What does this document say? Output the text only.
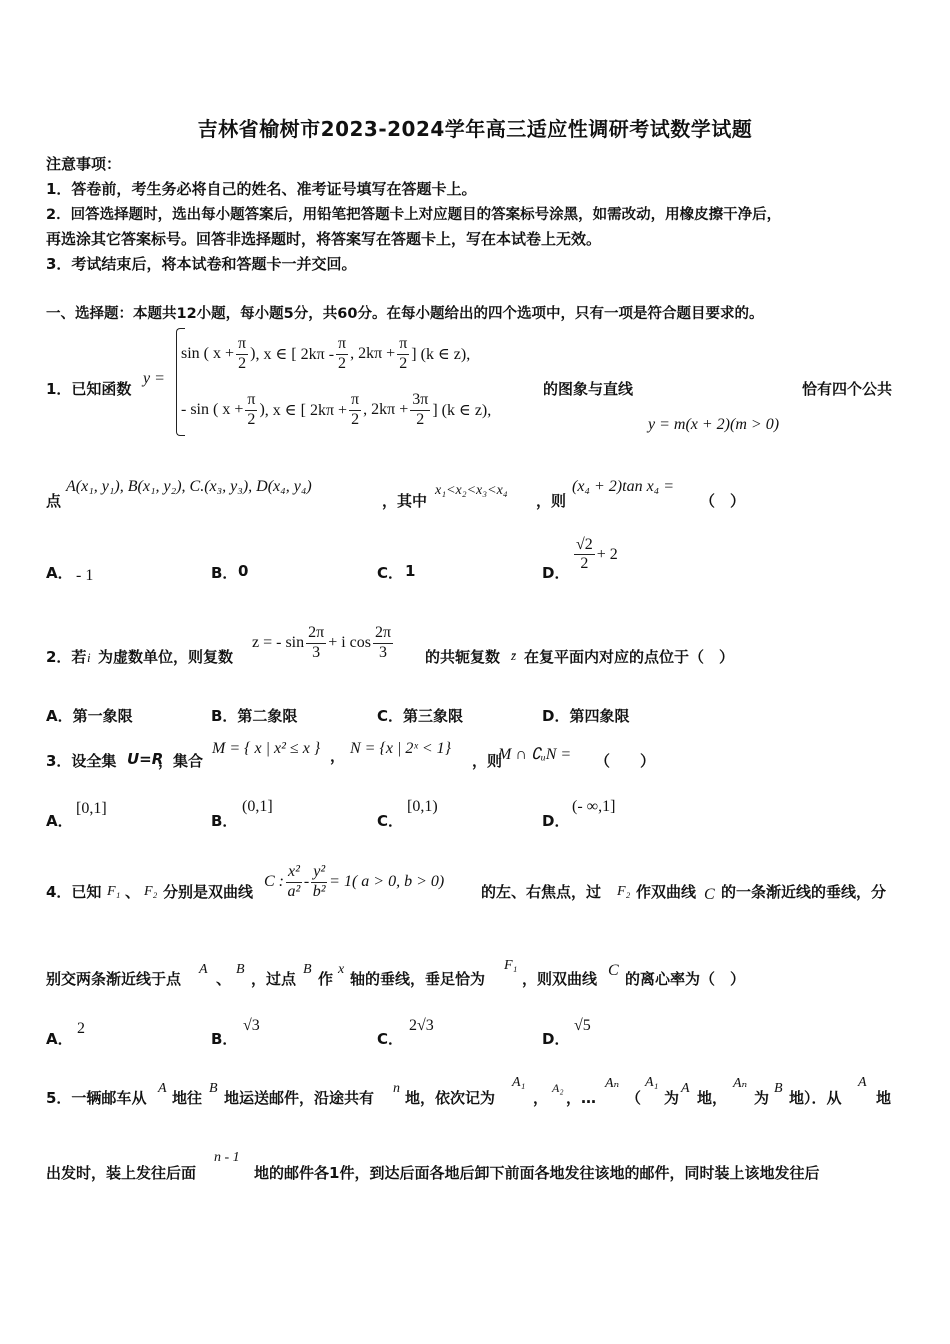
吉林省榆树市2023-2024学年高三适应性调研考试数学试题
注意事项：
1．答卷前，考生务必将自己的姓名、准考证号填写在答题卡上。
2．回答选择题时，选出每小题答案后，用铅笔把答题卡上对应题目的答案标号涂黑，如需改动，用橡皮擦干净后，
再选涂其它答案标号。回答非选择题时，将答案写在答题卡上，写在本试卷上无效。
3．考试结束后，将本试卷和答题卡一并交回。
一、选择题：本题共12小题，每小题5分，共60分。在每小题给出的四个选项中，只有一项是符合题目要求的。
1．已知函数
y =
sin ( $x + \frac{\pi}{2}$ ) , x ∈ [ $2k\pi - \frac{\pi}{2}$ , $2k\pi + \frac{\pi}{2}$ ] (k ∈ z),
- sin ( $x + \frac{\pi}{2}$ ) , x ∈ [ $2k\pi + \frac{\pi}{2}$ , $2k\pi + \frac{3\pi}{2}$ ] (k ∈ z),
的图象与直线	恰有四个公共
y = m(x + 2)(m > 0)
点
A(x₁, y₁), B(x₁, y₂), C.(x₃, y₃), D(x₄, y₄)
，其中
x₁<x₂<x₃<x₄
，则
(x₄ + 2)tan x₄ =
（　）
A． - 1	B． 0	C． 1	D． $\frac{√2}{2} + 2$
2．若 i 为虚数单位，则复数
z = - $\sin \frac{2\pi}{3} + i$ $\cos \frac{2\pi}{3}$ 的共轭复数 z̄ 在复平面内对应的点位于（　）
A．第一象限	B．第二象限	C．第三象限	D．第四象限
3．设全集 U=R
，集合
M = { x | x² ≤ x } ， N = {x | 2ˣ < 1}
，则
M ∩ ∁ᵤN = （　　）
A．
[0,1]
B．
(0,1]
C．
[0,1)
D．
(- ∞,1]
4．已知 F₁ 、 F₂ 分别是双曲线
C : $\frac{\text{x²}}{\text{a²}} - \frac{\text{y²}}{\text{b²}} = 1$( a > 0, b > 0)
的左、右焦点，过 F₂ 作双曲线 C 的一条渐近线的垂线，分
别交两条渐近线于点
A
、
B
，过点
B
作
x
轴的垂线，垂足恰为
F₁
，则双曲线 C 的离心率为（　）
A．
2
B．
√3
C．
2√3
D．
√5
5．一辆邮车从
A
地往
B
地运送邮件，沿途共有
n
地，依次记为
A₁
，
A₂
，…
Aₙ
（
A₁
为
A
地，
Aₙ
为
B
地）．从
A
地
出发时，装上发往后面
n - 1
地的邮件各1件，到达后面各地后卸下前面各地发往该地的邮件，同时装上该地发往后
